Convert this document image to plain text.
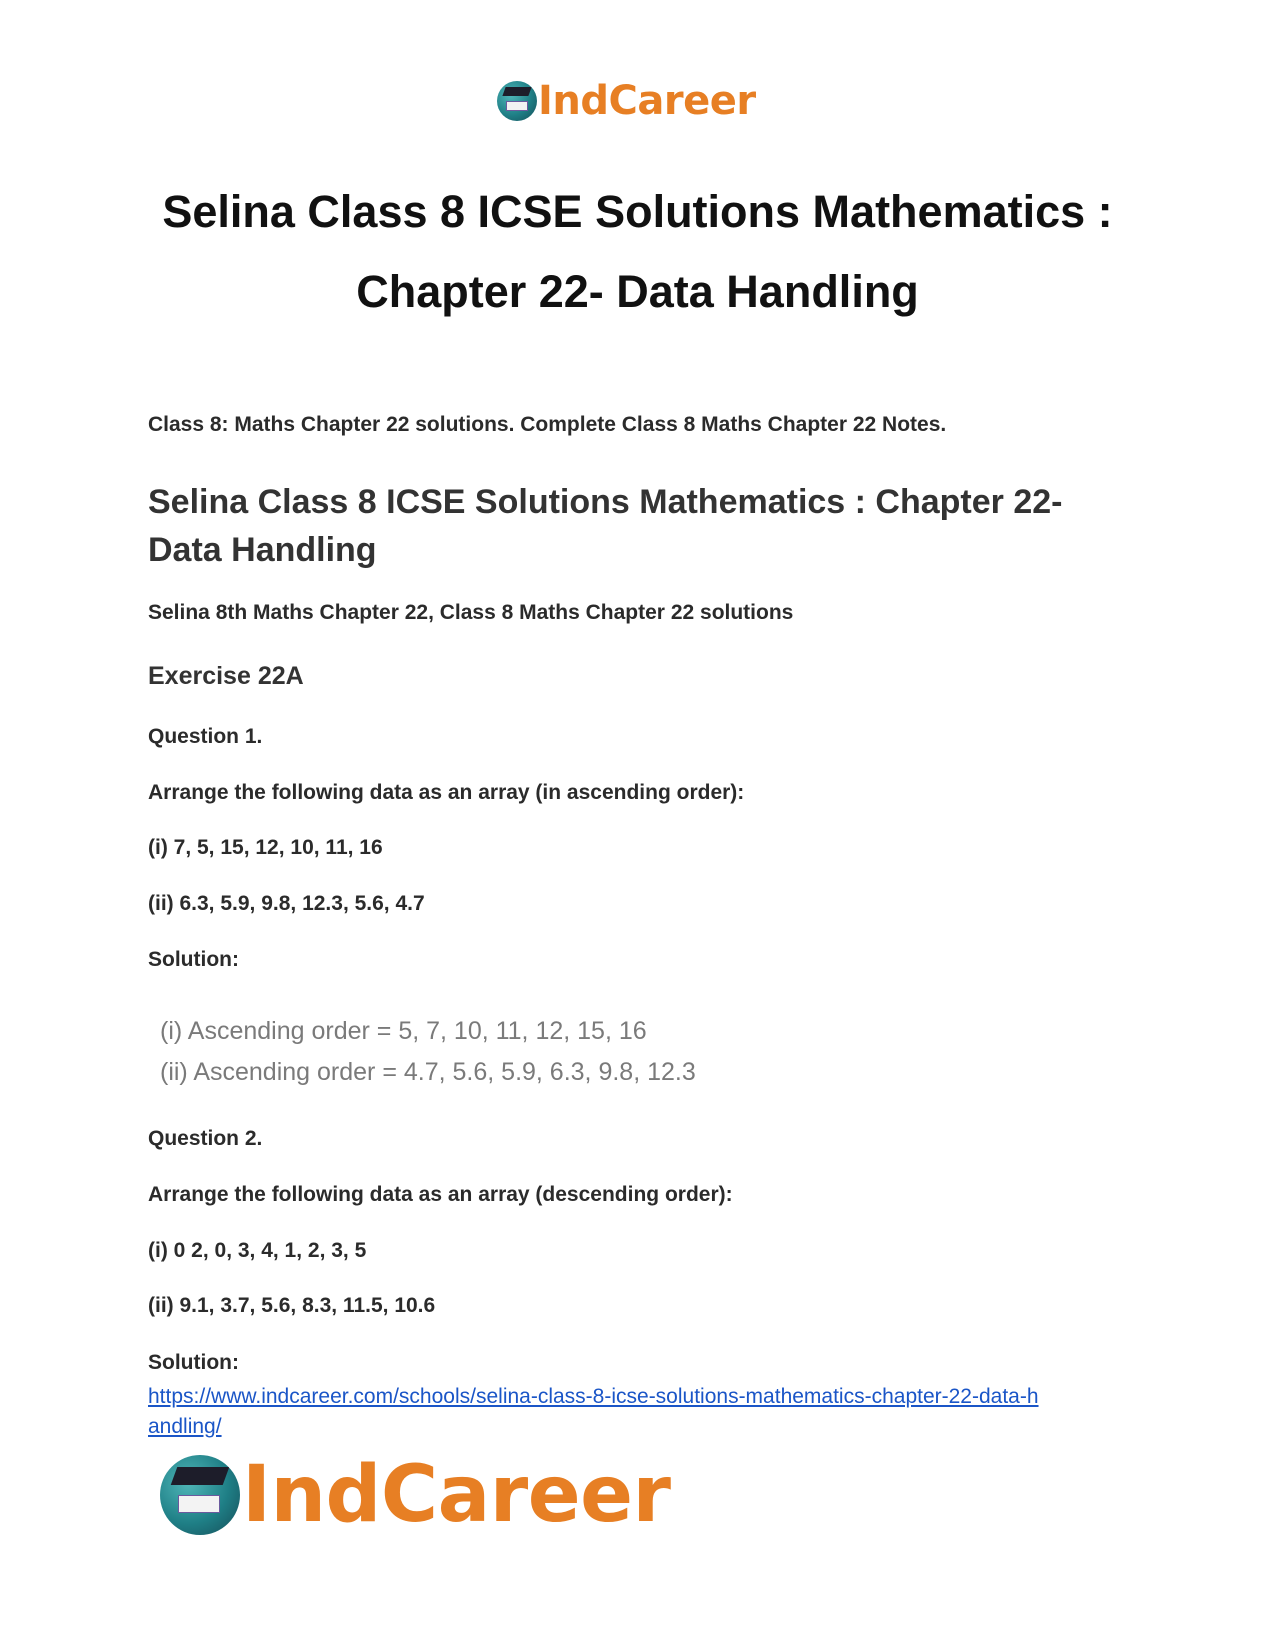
IndCareer
Selina Class 8 ICSE Solutions Mathematics :
Chapter 22- Data Handling
Class 8: Maths Chapter 22 solutions. Complete Class 8 Maths Chapter 22 Notes.
Selina Class 8 ICSE Solutions Mathematics : Chapter 22-
Data Handling
Selina 8th Maths Chapter 22, Class 8 Maths Chapter 22 solutions
Exercise 22A
Question 1.
Arrange the following data as an array (in ascending order):
(i) 7, 5, 15, 12, 10, 11, 16
(ii) 6.3, 5.9, 9.8, 12.3, 5.6, 4.7
Solution:
(i) Ascending order = 5, 7, 10, 11, 12, 15, 16
(ii) Ascending order = 4.7, 5.6, 5.9, 6.3, 9.8, 12.3
Question 2.
Arrange the following data as an array (descending order):
(i) 0 2, 0, 3, 4, 1, 2, 3, 5
(ii) 9.1, 3.7, 5.6, 8.3, 11.5, 10.6
Solution:
https://www.indcareer.com/schools/selina-class-8-icse-solutions-mathematics-chapter-22-data-h
andling/
IndCareer
